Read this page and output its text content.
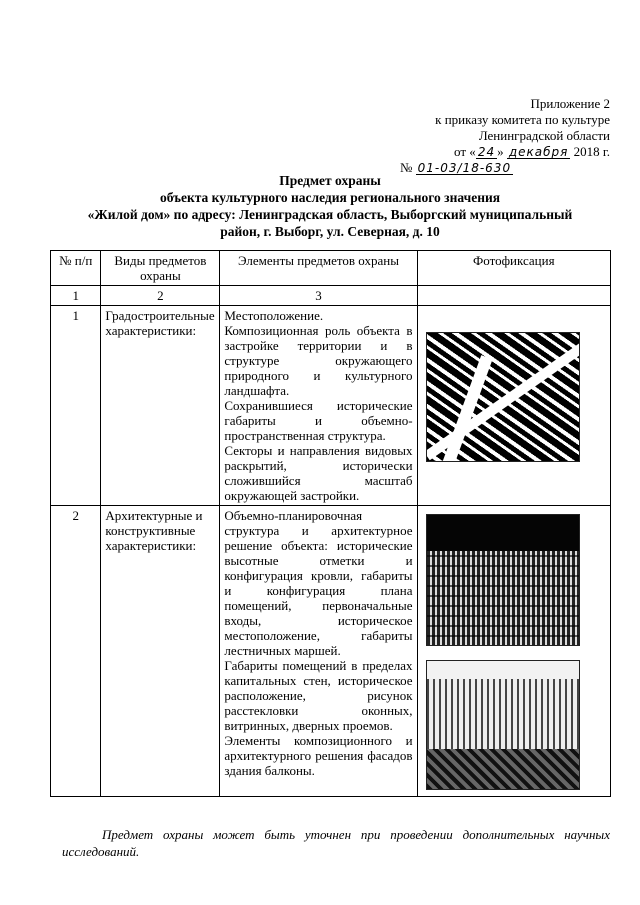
Приложение 2
к приказу комитета по культуре
Ленинградской области
от « 24 » декабря 2018 г.
№ 01-03/18-630
Предмет охраны
объекта культурного наследия регионального значения
«Жилой дом» по адресу: Ленинградская область, Выборгский муниципальный
район, г. Выборг, ул. Северная, д. 10
№ п/п	Виды предметов охраны	Элементы предметов охраны	Фотофиксация
1	2	3	
1	Градостроительные характеристики:	Местоположение.

Композиционная роль объекта в застройке территории и в структуре окружающего природного и культурного ландшафта.

Сохранившиеся исторические габариты и объемно-пространственная структура.

Секторы и направления видовых раскрытий, исторически сложившийся масштаб окружающей застройки.	

2	Архитектурные и конструктивные характеристики:	Объемно-планировочная структура и архитектурное решение объекта: исторические высотные отметки и конфигурация кровли, габариты и конфигурация плана помещений, первоначальные входы, историческое местоположение, габариты лестничных маршей.

Габариты помещений в пределах капитальных стен, историческое расположение, рисунок расстекловки оконных, витринных, дверных проемов.

Элементы композиционного и архитектурного решения фасадов здания балконы.	

Предмет охраны может быть уточнен при проведении дополнительных научных исследований.
